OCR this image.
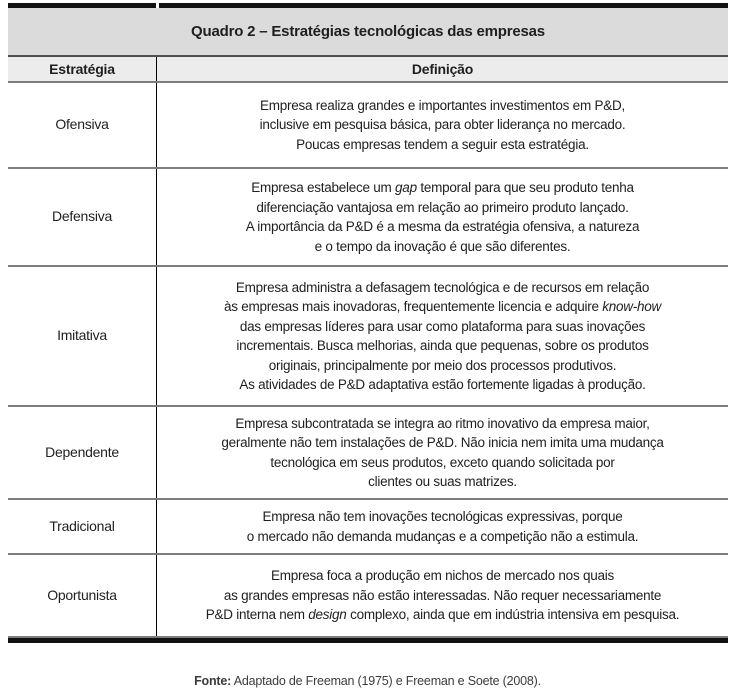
Quadro 2 – Estratégias tecnológicas das empresas
Estratégia	Definição
Ofensiva
Empresa realiza grandes e importantes investimentos em P&D,
inclusive em pesquisa básica, para obter liderança no mercado.
Poucas empresas tendem a seguir esta estratégia.
Defensiva
Empresa estabelece um gap temporal para que seu produto tenha
diferenciação vantajosa em relação ao primeiro produto lançado.
A importância da P&D é a mesma da estratégia ofensiva, a natureza
e o tempo da inovação é que são diferentes.
Imitativa
Empresa administra a defasagem tecnológica e de recursos em relação
às empresas mais inovadoras, frequentemente licencia e adquire know-how
das empresas líderes para usar como plataforma para suas inovações
incrementais. Busca melhorias, ainda que pequenas, sobre os produtos
originais, principalmente por meio dos processos produtivos.
As atividades de P&D adaptativa estão fortemente ligadas à produção.
Dependente
Empresa subcontratada se integra ao ritmo inovativo da empresa maior,
geralmente não tem instalações de P&D. Não inicia nem imita uma mudança
tecnológica em seus produtos, exceto quando solicitada por
clientes ou suas matrizes.
Tradicional
Empresa não tem inovações tecnológicas expressivas, porque
o mercado não demanda mudanças e a competição não a estimula.
Oportunista
Empresa foca a produção em nichos de mercado nos quais
as grandes empresas não estão interessadas. Não requer necessariamente
P&D interna nem design complexo, ainda que em indústria intensiva em pesquisa.
Fonte: Adaptado de Freeman (1975) e Freeman e Soete (2008).
